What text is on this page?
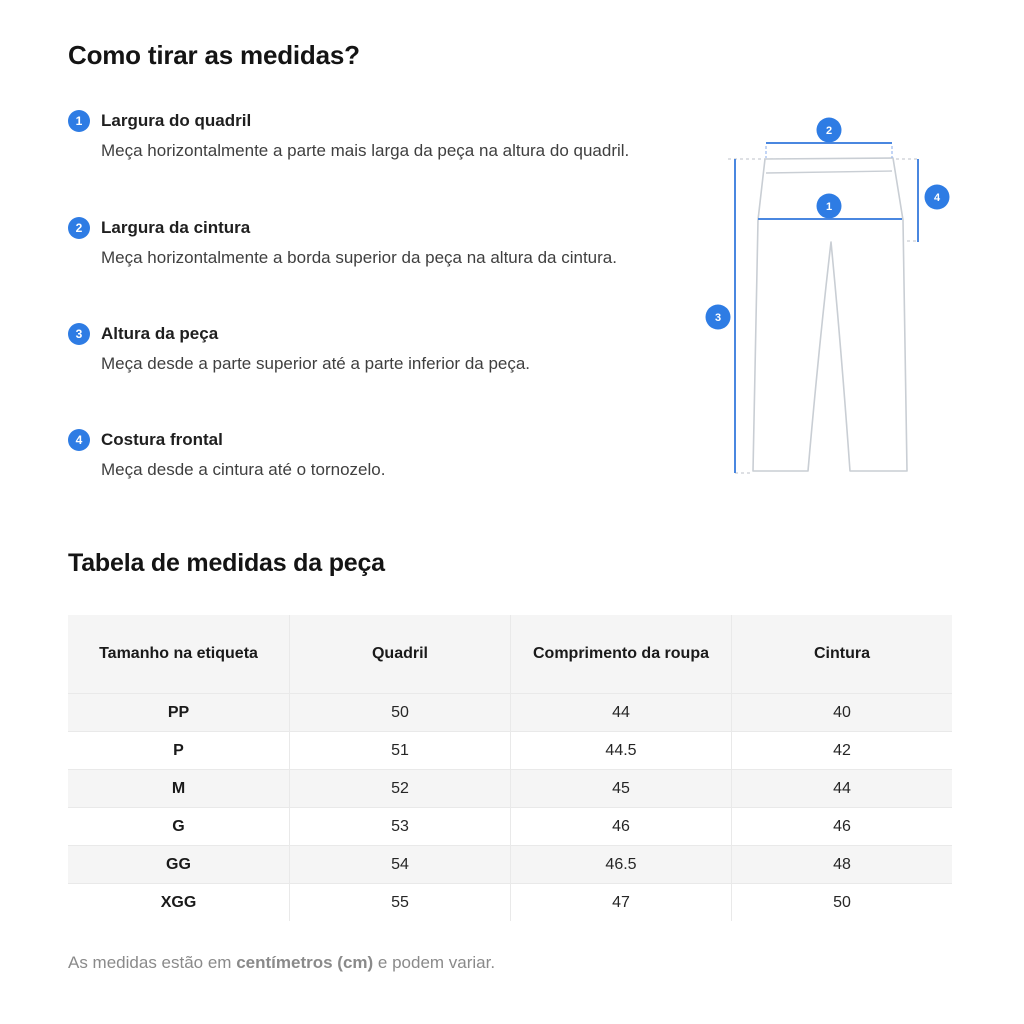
Como tirar as medidas?
1	Largura do quadril
Meça horizontalmente a parte mais larga da peça na altura do quadril.
2	Largura da cintura
Meça horizontalmente a borda superior da peça na altura da cintura.
3	Altura da peça
Meça desde a parte superior até a parte inferior da peça.
4	Costura frontal
Meça desde a cintura até o tornozelo.
2
1
3
4
Tabela de medidas da peça
Tamanho na etiqueta	Quadril	Comprimento da roupa	Cintura
PP	50	44	40
P	51	44.5	42
M	52	45	44
G	53	46	46
GG	54	46.5	48
XGG	55	47	50

As medidas estão em centímetros (cm) e podem variar.
